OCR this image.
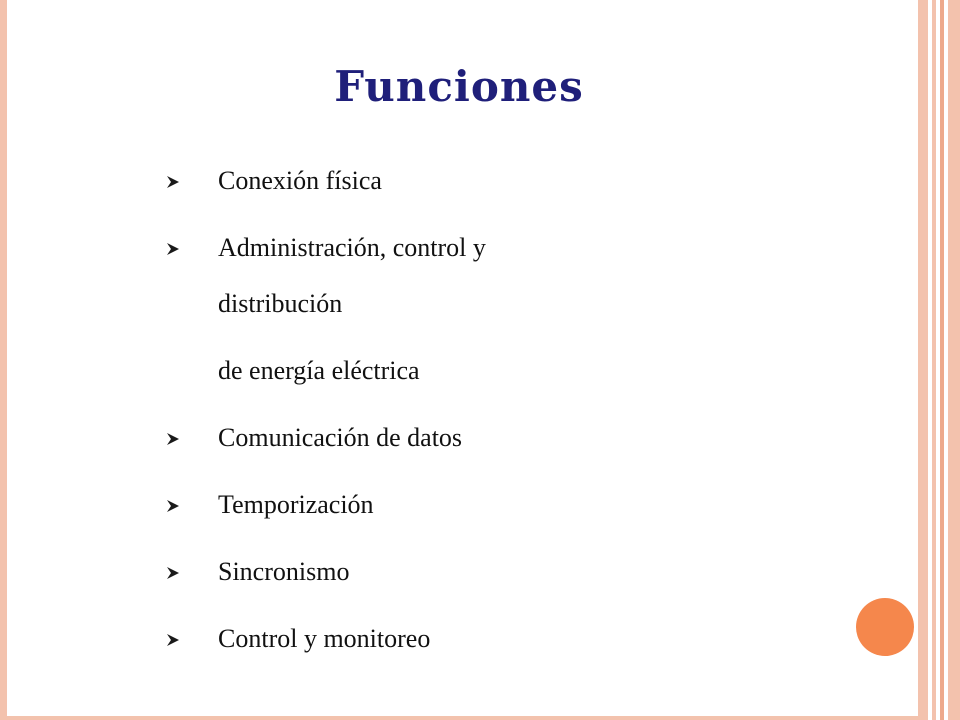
Funciones
Conexión física
Administración, control y
distribución
de energía eléctrica
Comunicación de datos
Temporización
Sincronismo
Control y monitoreo
